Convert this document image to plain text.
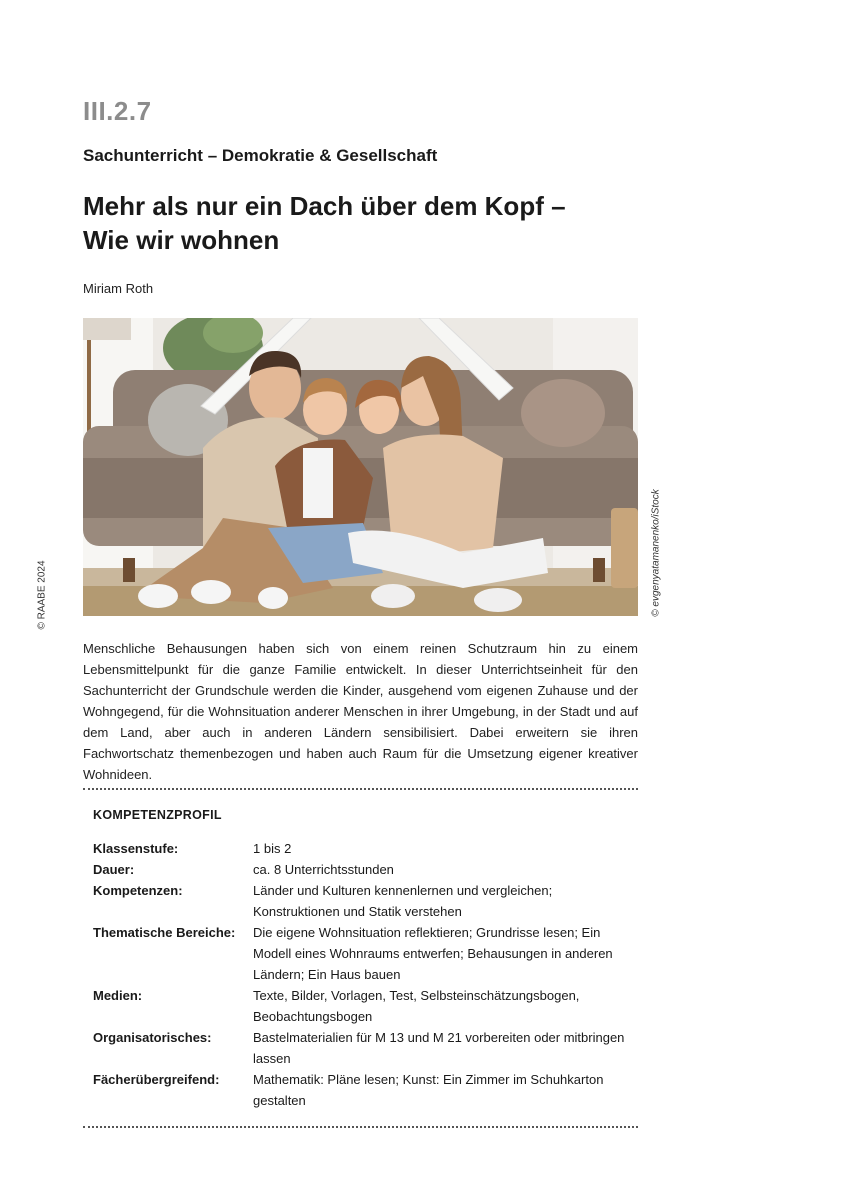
III.2.7
Sachunterricht – Demokratie & Gesellschaft
Mehr als nur ein Dach über dem Kopf –
Wie wir wohnen
Miriam Roth
© evgenyatamanenko/iStock
© RAABE 2024
Menschliche Behausungen haben sich von einem reinen Schutzraum hin zu einem Lebensmittelpunkt für die ganze Familie entwickelt. In dieser Unterrichtseinheit für den Sachunterricht der Grundschule werden die Kinder, ausgehend vom eigenen Zuhause und der Wohngegend, für die Wohnsituation anderer Menschen in ihrer Umgebung, in der Stadt und auf dem Land, aber auch in anderen Ländern sensibilisiert. Dabei erweitern sie ihren Fachwortschatz themenbezogen und haben auch Raum für die Umsetzung eigener kreativer Wohnideen.
KOMPETENZPROFIL
Klassenstufe:	1 bis 2
Dauer:	ca. 8 Unterrichtsstunden
Kompetenzen:	Länder und Kulturen kennenlernen und vergleichen; Konstruktionen und Statik verstehen
Thematische Bereiche:	Die eigene Wohnsituation reflektieren; Grundrisse lesen; Ein Modell eines Wohnraums entwerfen; Behausungen in anderen Ländern; Ein Haus bauen
Medien:	Texte, Bilder, Vorlagen, Test, Selbsteinschätzungsbogen, Beobachtungsbogen
Organisatorisches:	Bastelmaterialien für M 13 und M 21 vorbereiten oder mitbringen lassen
Fächerübergreifend:	Mathematik: Pläne lesen; Kunst: Ein Zimmer im Schuhkarton gestalten
